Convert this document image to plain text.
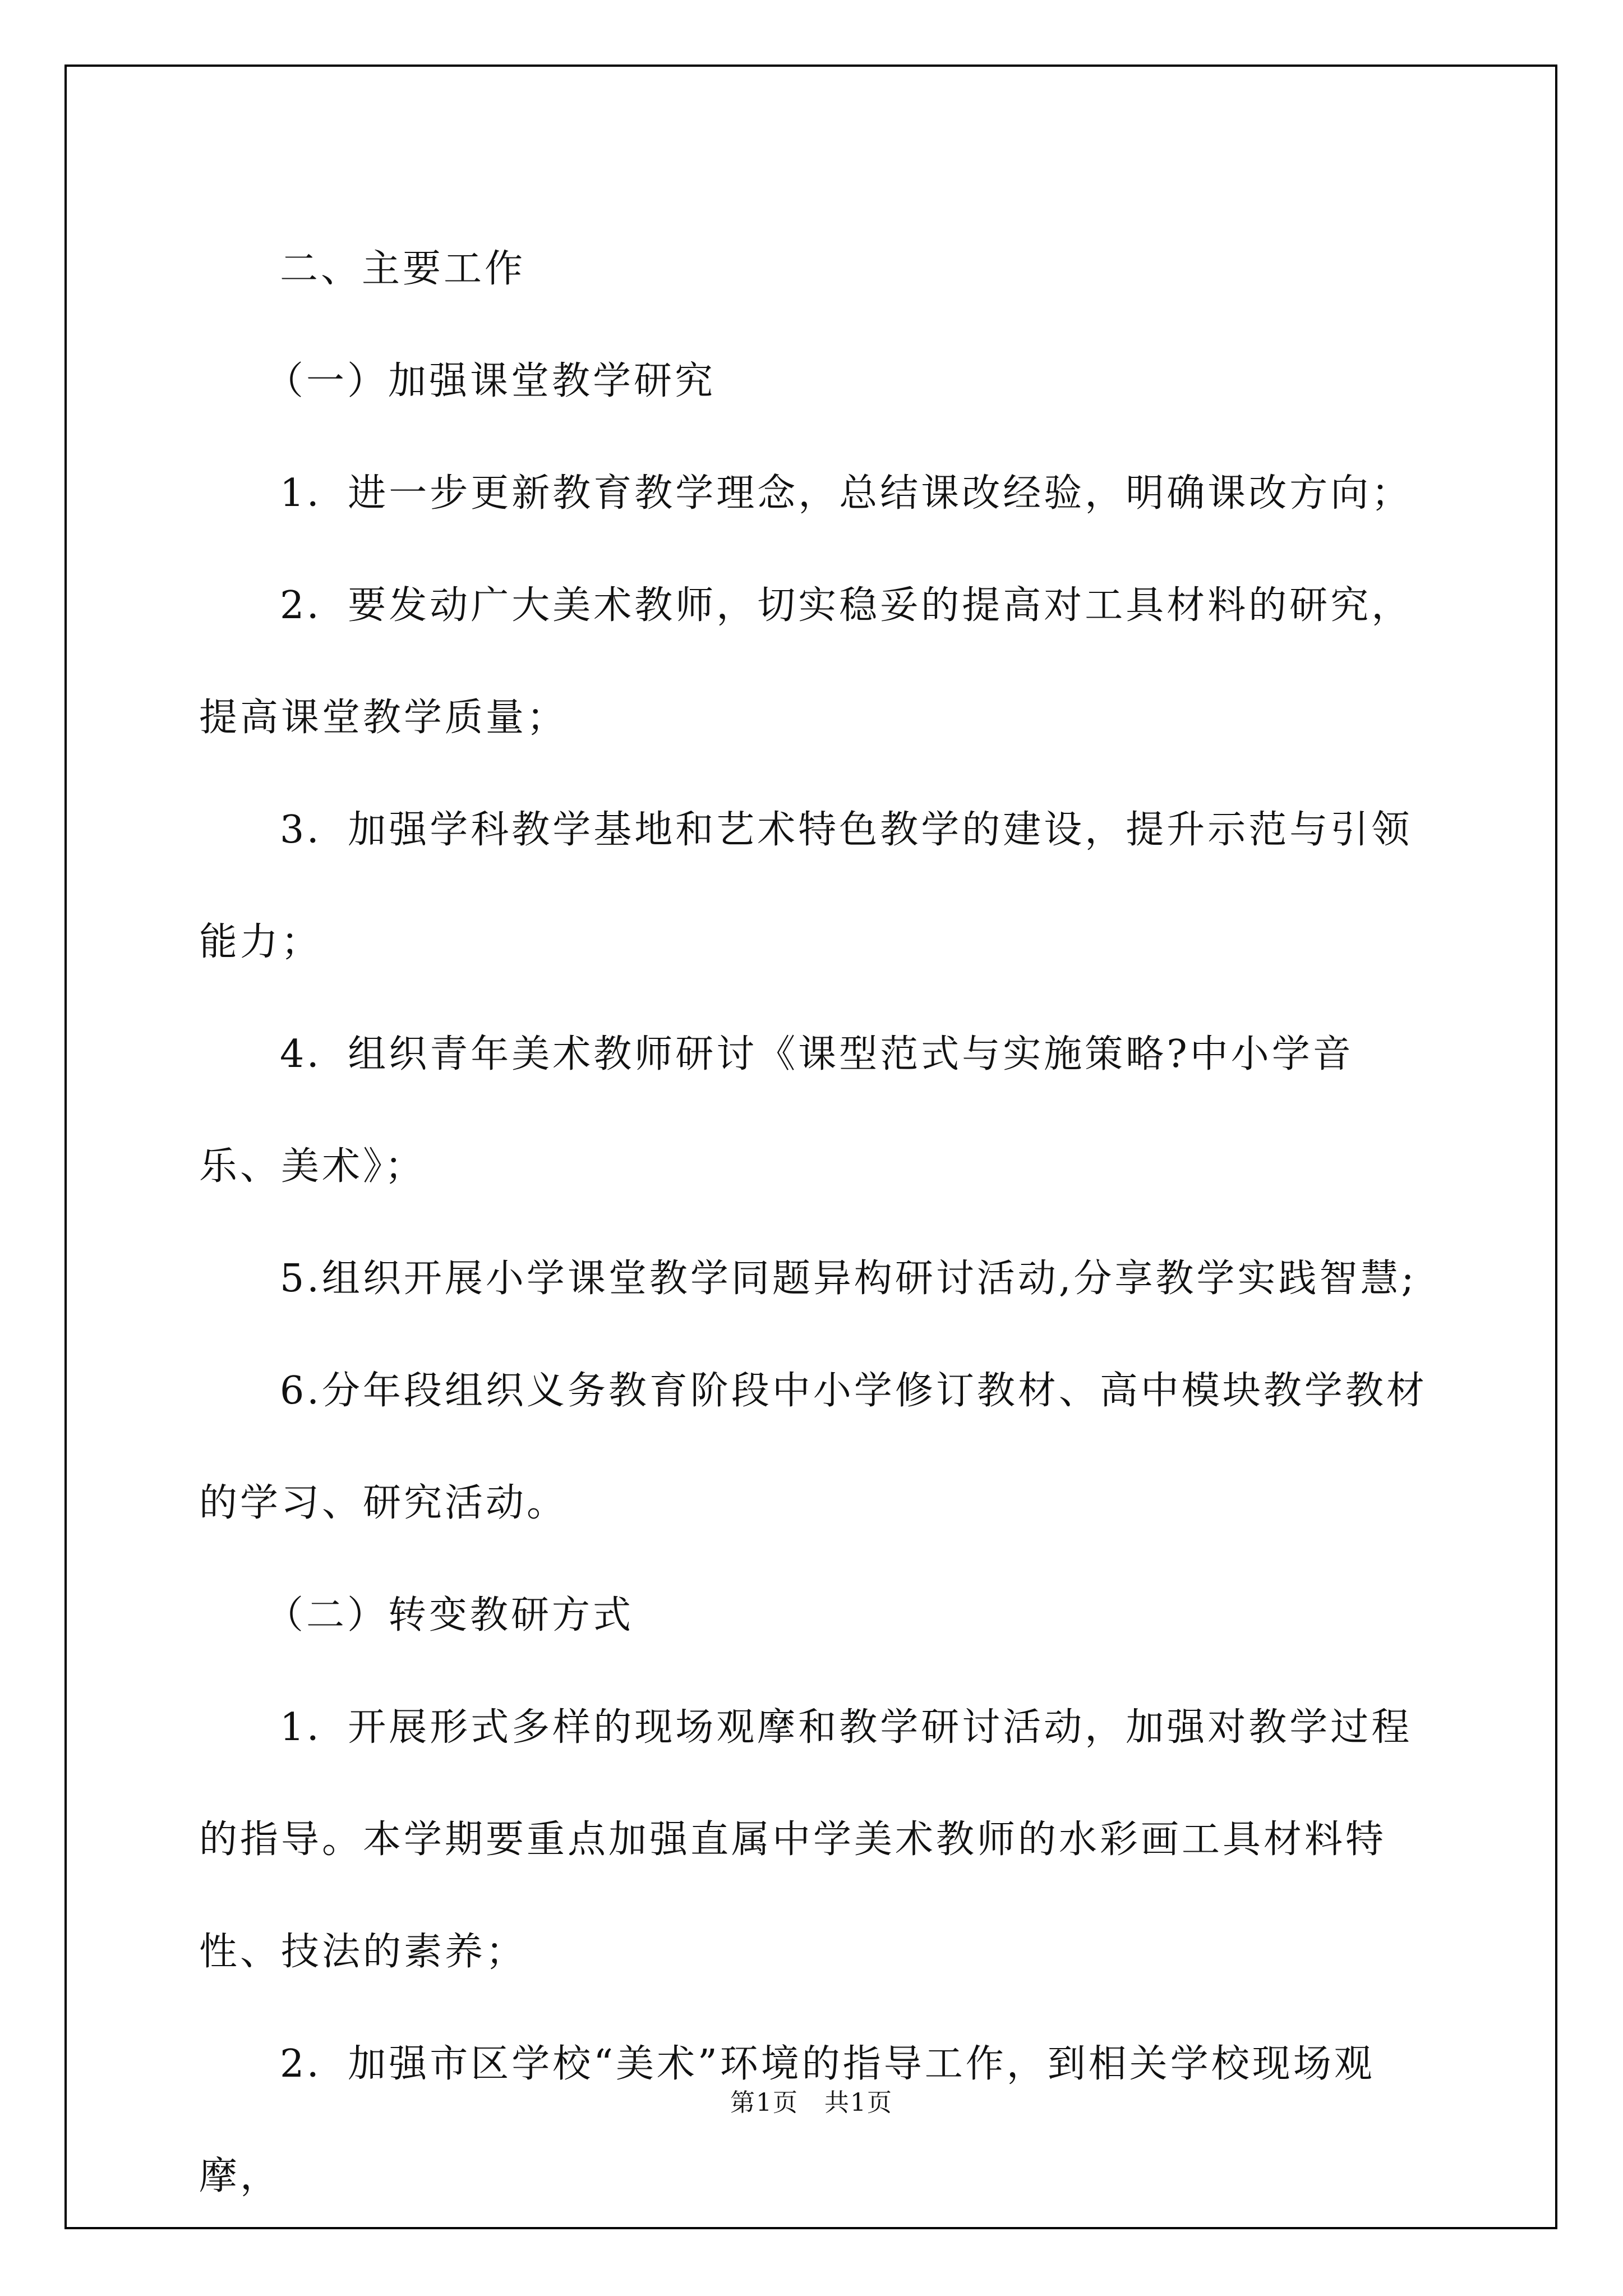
二、主要工作

（一）加强课堂教学研究

1．进一步更新教育教学理念，总结课改经验，明确课改方向；

2．要发动广大美术教师，切实稳妥的提高对工具材料的研究，提高课堂教学质量；

3．加强学科教学基地和艺术特色教学的建设，提升示范与引领能力；

4．组织青年美术教师研讨《课型范式与实施策略?中小学音乐、美术》；

5.组织开展小学课堂教学同题异构研讨活动,分享教学实践智慧;

6.分年段组织义务教育阶段中小学修订教材、高中模块教学教材的学习、研究活动。

（二）转变教研方式

1．开展形式多样的现场观摩和教学研讨活动，加强对教学过程的指导。本学期要重点加强直属中学美术教师的水彩画工具材料特性、技法的素养；

2．加强市区学校“美术”环境的指导工作，到相关学校现场观摩，

第1页　共1页
